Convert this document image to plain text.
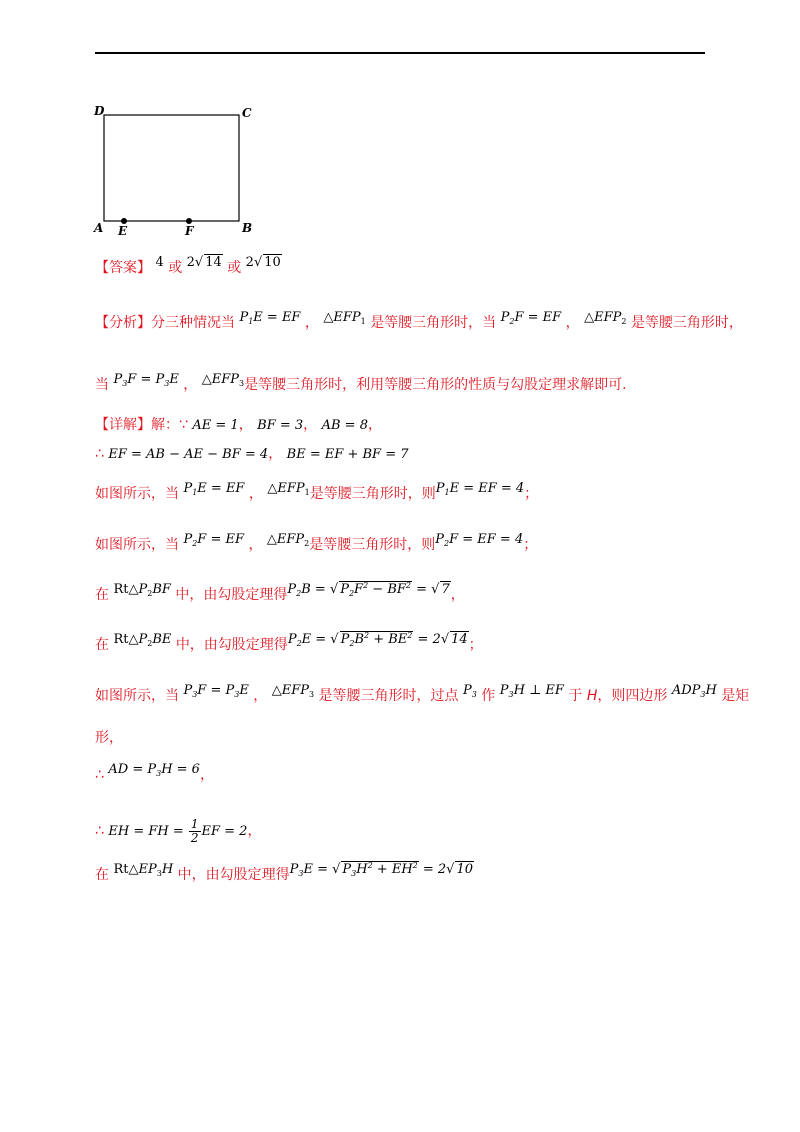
D	C
A E	F	B
【答案】 4 或 2√ 14 或 2√ 10
【分析】分三种情况当 $P_1E$ = EF ， $\triangle EFP_1$ 是等腰三角形时，当 $P_2F$ = EF ， $\triangle EFP_2$ 是等腰三角形时，
当 $P_3F = P_3E$ ， $\triangle EFP_3$是等腰三角形时，利用等腰三角形的性质与勾股定理求解即可.
【详解】解：∵ AE = 1， BF = 3， AB = 8，
∴ EF = AB − AE − BF = 4， BE = EF + BF = 7
如图所示，当 $P_1E$ = EF ， $\triangle EFP_1$是等腰三角形时，则$P_1E$ = EF = 4；
如图所示，当 $P_2F$ = EF ， $\triangle EFP_2$是等腰三角形时，则$P_2F$ = EF = 4；
在 $Rt\triangle P_2BF$ 中，由勾股定理得$P_2B$ = √ $P_2F^2 - BF^2$ = √ 7，
在 $Rt\triangle P_2BE$ 中，由勾股定理得$P_2E$ = √ $P_2B^2 + BE^2 = 2√$ 14；
如图所示，当 $P_3F = P_3E$ ， $\triangle EFP_3$ 是等腰三角形时，过点 $P_3$ 作 $P_3H$ ⊥ EF 于 H，则四边形 $ADP_3H$ 是矩
形，
∴ AD = $P_3H = 6$，
∴ EH = FH = $\frac{1}{2}$ EF = 2，
在 $Rt\triangle EP_3H$ 中，由勾股定理得$P_3E$ = √ $P_3H^2 + EH^2 = 2√$ 10
